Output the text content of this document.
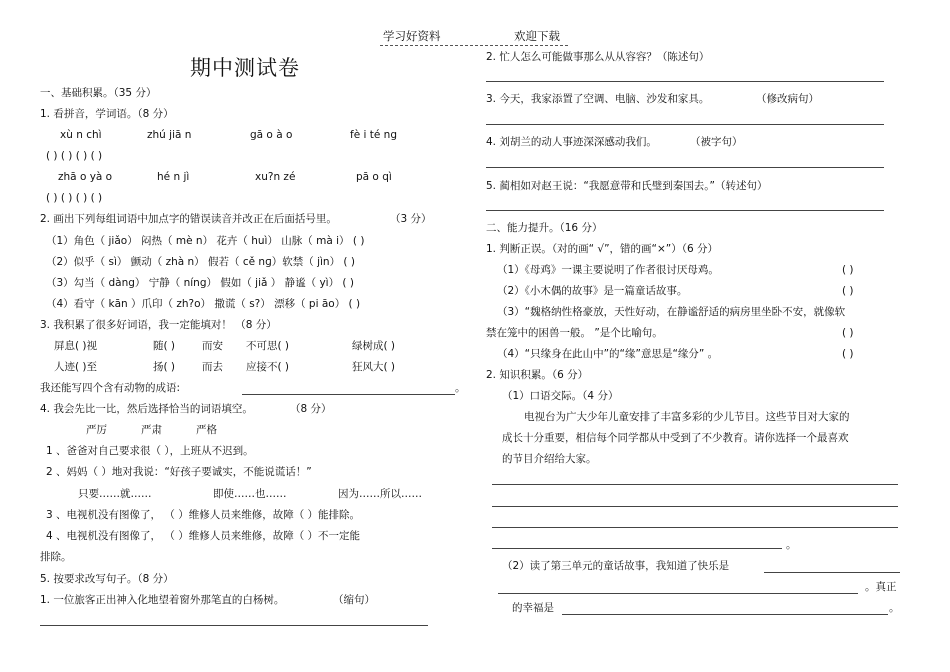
学习好资料	欢迎下载
期中测试卷
一、基础积累。（35 分）
1. 看拼音，学词语。（8 分）
xù n chì	zhú jiā n	gā o à o	fè i té ng
( ) ( ) ( ) ( )
zhā o yà o	hé n jì	xu?n zé	pā o qì
( ) ( ) ( ) ( )
2. 画出下列每组词语中加点字的错误读音并改正在后面括号里。	（3 分）
（1）角色（ jiǎo） 闷热（ mè n） 花卉（ huì） 山脉（ mà i） ( )
（2）似乎（ sì） 颤动（ zhà n） 假若（ cě nɡ）软禁（ jìn） ( )
（3）勾当（ dàng） 宁静（ níng） 假如（ jiǎ ） 静谧（ yì） ( )
（4）看守（ kān ）爪印（ zh?o） 撒谎（ s?） 漂移（ pi āo） ( )
3. 我积累了很多好词语，我一定能填对！ （8 分）
屏息( )视	随( )	而安 不可思( )	绿树成( )
人迹( )至	扬( )	而去 应接不( )	狂风大( )
我还能写四个含有动物的成语:	。
4. 我会先比一比，然后选择恰当的词语填空。	（8 分）
严厉	严肃	严格
1 、爸爸对自己要求很（ ），上班从不迟到。
2 、妈妈（ ）地对我说：“好孩子要诚实，不能说谎话！”
只要……就……	即使……也……	因为……所以……
3 、电视机没有图像了， （ ）维修人员来维修，故障（ ）能排除。
4 、电视机没有图像了， （ ）维修人员来维修，故障（ ）不一定能
排除。
5. 按要求改写句子。（8 分）
1. 一位旅客正出神入化地望着窗外那笔直的白杨树。	（缩句）
2. 忙人怎么可能做事那么从从容容？（陈述句）
3. 今天，我家添置了空调、电脑、沙发和家具。	（修改病句）
4. 刘胡兰的动人事迹深深感动我们。	（被字句）
5. 蔺相如对赵王说：“我愿意带和氏璧到秦国去。”（转述句）
二、能力提升。（16 分）
1. 判断正误。（对的画“ √”，错的画“×”）（6 分）
（1）《母鸡》一课主要说明了作者很讨厌母鸡。	( )
（2）《小木偶的故事》是一篇童话故事。	( )
（3）“魏格纳性格豪放，天性好动，在静谧舒适的病房里坐卧不安，就像软
禁在笼中的困兽一般。 ”是个比喻句。	( )
（4）“只缘身在此山中”的“缘”意思是“缘分” 。	( )
2. 知识积累。（6 分）
（1）口语交际。（4 分）
电视台为广大少年儿童安排了丰富多彩的少儿节目。这些节目对大家的
成长十分重要，相信每个同学都从中受到了不少教育。请你选择一个最喜欢
的节目介绍给大家。
。
（2）读了第三单元的童话故事，我知道了快乐是
。真正
的幸福是	。
